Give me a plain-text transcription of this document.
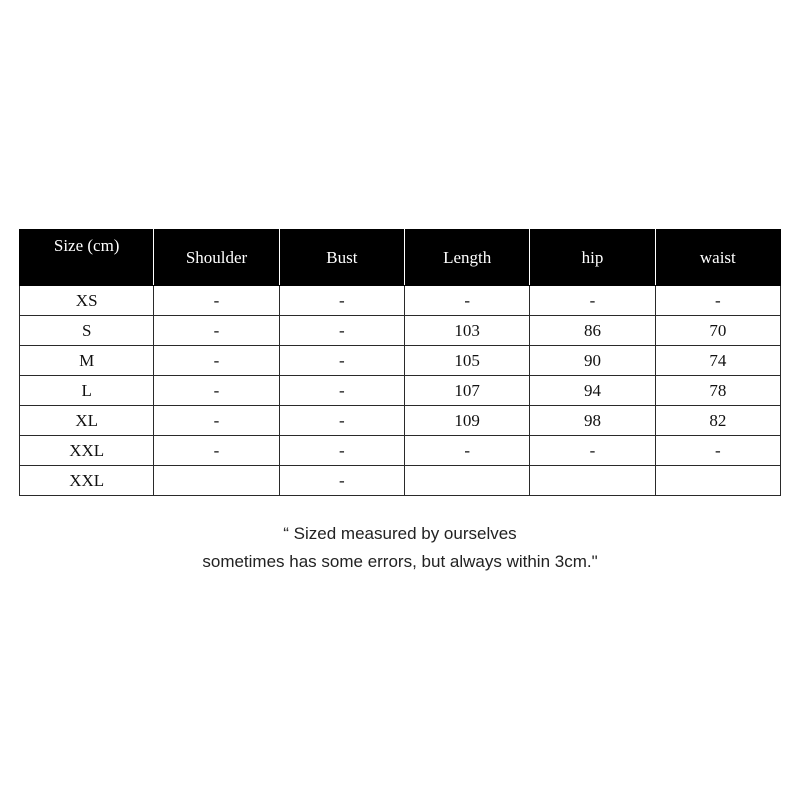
Size (cm)	Shoulder	Bust	Length	hip	waist
XS	-	-	-	-	-
S	-	-	103	86	70
M	-	-	105	90	74
L	-	-	107	94	78
XL	-	-	109	98	82
XXL	-	-	-	-	-
XXL		-			

“ Sized measured by ourselves

sometimes has some errors, but always within 3cm."
